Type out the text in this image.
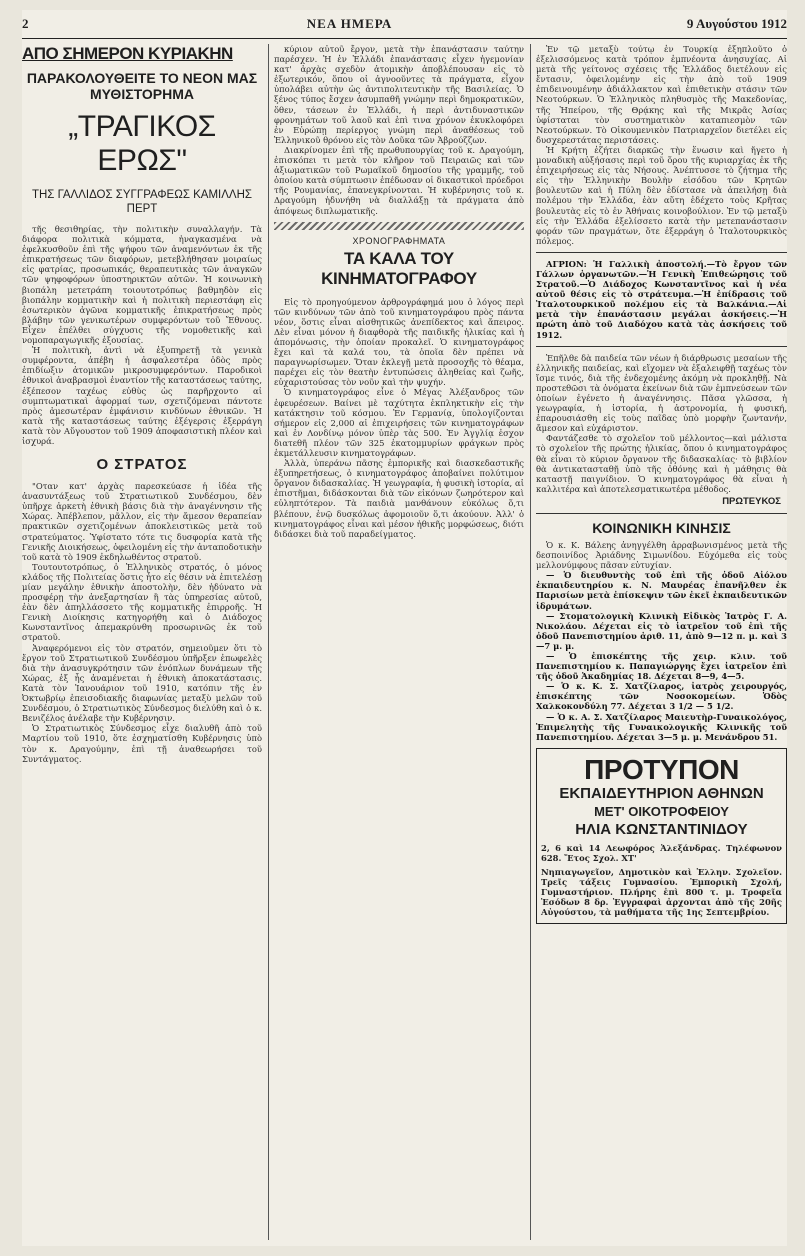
2	ΝΕΑ ΗΜΕΡΑ	9 Αυγούστου 1912
ΑΠΟ ΣΗΜΕΡΟΝ ΚΥΡΙΑΚΗΝ
ΠΑΡΑΚΟΛΟΥΘΕΙΤΕ ΤΟ ΝΕΟΝ ΜΑΣ ΜΥΘΙΣΤΟΡΗΜΑ
„ΤΡΑΓΙΚΟΣ ΕΡΩΣ"
ΤΗΣ ΓΑΛΛΙΔΟΣ ΣΥΓΓΡΑΦΕΩΣ ΚΑΜΙΛΛΗΣ ΠΕΡΤ

τῆς θεσιθηρίας, τὴν πολιτικὴν συναλλαγήν. Τὰ διάφορα πολιτικὰ κόμματα, ἠναγκασμένα νὰ ἐφελκυσθοῦν ἐπὶ τῆς ψήφου τῶν ἀναμενόντων ἐκ τῆς ἐπικρατήσεως τῶν διαφόρων, μετεβλήθησαν μοιραίως εἰς φατρίας, προσωπικάς, θεραπευτικὰς τῶν ἀναγκῶν τῶν ψηφοφόρων ὑποστηρικτῶν αὐτῶν. Ἡ κοινωνικὴ βιοπάλη μετετράπη τοιουτοτρόπως βαθμηδὸν εἰς βιοπάλην κομματικὴν καὶ ἡ πολιτικὴ περιεστάφη εἰς ἐσωτερικὸν ἀγῶνα κομματικῆς ἐπικρατήσεως πρὸς βλάβην τῶν γενικωτέρων συμφερόντων τοῦ Ἔθνους. Εἶχεν ἐπέλθει σύγχυσις τῆς νομοθετικῆς καὶ νομοπαραγωγικῆς ἐξουσίας.

Ἡ πολιτικὴ, ἀντὶ νὰ ἐξυπηρετῇ τὰ γενικὰ συμφέροντα, ἀπέβη ἡ ἀσφαλεστέρα ὁδὸς πρὸς ἐπιδίωξιν ἀτομικῶν μικροσυμφερόντων. Παροδικοὶ ἐθνικοὶ ἀναβρασμοὶ ἐναντίον τῆς καταστάσεως ταύτης, ἐξέπεσον ταχέως εὐθὺς ὡς παρῆρχοντο αἱ συμπτωματικαὶ ἀφορμαί των, σχετιζόμεναι πάντοτε πρὸς ἀμεσωτέραν ἐμφάνισιν κινδύνων ἐθνικῶν. Ἡ κατὰ τῆς καταστάσεως ταύτης ἐξέγερσις ἐξερράγη κατὰ τὸν Αὔγουστον τοῦ 1909 ἀποφασιστικὴ πλέον καὶ ἰσχυρά.

Ο ΣΤΡΑΤΟΣ

"Οταν κατ' ἀρχὰς παρεσκεύασε ἡ ἰδέα τῆς ἀνασυντάξεως τοῦ Στρατιωτικοῦ Συνδέσμου, δὲν ὑπῆρχε ἀρκετὴ ἐθνικὴ βάσις διὰ τὴν ἀναγέννησιν τῆς Χώρας. Ἀπέβλεπον, μᾶλλον, εἰς τὴν ἄμεσον θεραπείαν πρακτικῶν σχετιζομένων ἀποκλειστικῶς μετὰ τοῦ στρατεύματος. Ὑφίστατο τότε τις δυσφορία κατὰ τῆς Γενικῆς Διοικήσεως, ὀφειλομένη εἰς τὴν ἀνταποδοτικὴν τοῦ κατὰ τὸ 1909 ἐκδηλωθέντος στρατοῦ.

Τουτουτοτρόπως, ὁ Ἑλληνικὸς στρατός, ὁ μόνος κλάδος τῆς Πολιτείας ὅστις ἦτο εἰς θέσιν νὰ ἐπιτελέσῃ μίαν μεγάλην ἐθνικὴν ἀποστολὴν, δὲν ἠδύνατο νὰ προσφέρῃ τὴν ἀνεξαρτησίαν ἢ τὰς ὑπηρεσίας αὐτοῦ, ἐὰν δὲν ἀπηλλάσσετο τῆς κομματικῆς ἐπιρροῆς. Ἡ Γενικὴ Διοίκησις κατηγορήθη καὶ ὁ Διάδοχος Κωνσταντῖνος ἀπεμακρύνθη προσωρινῶς ἐκ τοῦ στρατοῦ.

Ἀναφερόμενοι εἰς τὸν στρατόν, σημειοῦμεν ὅτι τὸ ἔργον τοῦ Στρατιωτικοῦ Συνδέσμου ὑπῆρξεν ἐπωφελὲς διὰ τὴν ἀνασυγκρότησιν τῶν ἐνόπλων δυνάμεων τῆς Χώρας, ἐξ ἧς ἀναμένεται ἡ ἐθνικὴ ἀποκατάστασις. Κατὰ τὸν Ἰανουάριον τοῦ 1910, κατόπιν τῆς ἐν Ὀκτωβρίῳ ἐπεισοδιακῆς διαφωνίας μεταξὺ μελῶν τοῦ Συνδέσμου, ὁ Στρατιωτικὸς Σύνδεσμος διελύθη καὶ ὁ κ. Βενιζέλος ἀνέλαβε τὴν Κυβέρνησιν.

Ὁ Στρατιωτικὸς Σύνδεσμος εἶχε διαλυθῆ ἀπὸ τοῦ Μαρτίου τοῦ 1910, ὅτε ἐσχηματίσθη Κυβέρνησις ὑπὸ τὸν κ. Δραγούμην, ἐπὶ τῇ ἀναθεωρήσει τοῦ Συντάγματος.

κύριον αὐτοῦ ἔργον, μετὰ τὴν ἐπανάστασιν ταύτην παρέσχεν. Ἡ ἐν Ἑλλάδι ἐπανάστασις εἶχεν ἡγεμονίαν κατ' ἀρχὰς σχεδὸν ἀτομικὴν ἀποβλέπουσαν εἰς τὸ ἐξωτερικόν, ὅπου οἱ ἀγνοοῦντες τὰ πράγματα, εἶχον ὑπολάβει αὐτὴν ὡς ἀντιπολιτευτικὴν τῆς Βασιλείας. Ὁ ξένος τύπος ἔσχεν ἀσυμπαθῆ γνώμην περὶ δημοκρατικῶν, ὅθεν, τάσεων ἐν Ἑλλάδι, ἡ περὶ ἀντιδυναστικῶν φρονημάτων τοῦ λαοῦ καὶ ἐπὶ τινα χρόνον ἐκυκλοφόρει ἐν Εὐρώπῃ περίεργος γνώμη περὶ ἀναθέσεως τοῦ Ἑλληνικοῦ θρόνου εἰς τὸν Δοῦκα τῶν Ἀβρούζζων.

Διακρίνομεν ἐπὶ τῆς πρωθυπουργίας τοῦ κ. Δραγούμη, ἐπισκόπει τι μετὰ τὸν κλῆρον τοῦ Πειραιῶς καὶ τῶν ἀξιωματικῶν τοῦ Ρωμαϊκοῦ δημοσίου τῆς γραμμῆς, τοῦ ὁποίου κατὰ σύμπτωσιν ἐπέδωσαν οἱ δικαστικοὶ πρόεδροι τῆς Ρουμανίας, ἐπανεγκρίνονται. Ἡ κυβέρνησις τοῦ κ. Δραγούμη ἠδυνήθη νὰ διαλλάξῃ τὰ πράγματα ἀπὸ ἀπόψεως διπλωματικῆς.

ΧΡΟΝΟΓΡΑΦΗΜΑΤΑ
ΤΑ ΚΑΛΑ ΤΟΥ ΚΙΝΗΜΑΤΟΓΡΑΦΟΥ

Εἰς τὸ προηγούμενον ἀρθρογράφημά μου ὁ λόγος περὶ τῶν κινδύνων τῶν ἀπὸ τοῦ κινηματογράφου πρὸς πάντα νέον, ὅστις εἶναι αἰσθητικῶς ἀνεπίδεκτος καὶ ἄπειρος. Δὲν εἶναι μόνον ἡ διαφθορὰ τῆς παιδικῆς ἡλικίας καὶ ἡ ἀπομόνωσις, τὴν ὁποίαν προκαλεῖ. Ὁ κινηματογράφος ἔχει καὶ τὰ καλά του, τὰ ὁποῖα δὲν πρέπει νὰ παραγνωρίσωμεν. Ὅταν ἐκλεγῇ μετὰ προσοχῆς τὸ θέαμα, παρέχει εἰς τὸν θεατὴν ἐντυπώσεις ἀληθείας καὶ ζωῆς, εὐχαριστούσας τὸν νοῦν καὶ τὴν ψυχήν.

Ὁ κινηματογράφος εἶνε ὁ Μέγας Ἀλέξανδρος τῶν ἐφευρέσεων. Βαίνει μὲ ταχύτητα ἐκπληκτικὴν εἰς τὴν κατάκτησιν τοῦ κόσμου. Ἐν Γερμανίᾳ, ὑπολογίζονται σήμερον εἰς 2,000 αἱ ἐπιχειρήσεις τῶν κινηματογράφων καὶ ἐν Λονδίνῳ μόνον ὑπὲρ τὰς 500. Ἐν Ἀγγλίᾳ ἐσχον διατεθῆ πλέον τῶν 325 ἐκατομμυρίων φράγκων πρὸς ἐκμετάλλευσιν κινηματογράφων.

Ἀλλὰ, ὑπεράνω πᾶσης ἐμπορικῆς καὶ διασκεδαστικῆς ἐξυπηρετήσεως, ὁ κινηματογράφος ἀποβαίνει πολύτιμον ὄργανον διδασκαλίας. Ἡ γεωγραφία, ἡ φυσικὴ ἱστορία, αἱ ἐπιστῆμαι, διδάσκονται διὰ τῶν εἰκόνων ζωηρότερον καὶ εὐληπτότερον. Τὰ παιδιὰ μανθάνουν εὐκόλως ὅ,τι βλέπουν, ἐνῷ δυσκόλως ἀφομοιοῦν ὅ,τι ἀκούουν. Ἀλλ' ὁ κινηματογράφος εἶναι καὶ μέσον ἠθικῆς μορφώσεως, διότι διδάσκει διὰ τοῦ παραδείγματος.

Ἐν τῷ μεταξὺ τούτῳ ἐν Τουρκίᾳ ἐξηπλοῦτο ὁ ἐξελισσόμενος κατὰ τρόπον ἐμπνέοντα ἀνησυχίας. Αἱ μετὰ τῆς γείτονος σχέσεις τῆς Ἑλλάδος διετέλουν εἰς ἔντασιν, ὀφειλομένην εἰς τὴν ἀπὸ τοῦ 1909 ἐπιδεινουμένην ἀδιάλλακτον καὶ ἐπιθετικὴν στάσιν τῶν Νεοτούρκων. Ὁ Ἑλληνικὸς πληθυσμὸς τῆς Μακεδονίας, τῆς Ἠπείρου, τῆς Θρᾴκης καὶ τῆς Μικρᾶς Ἀσίας ὑφίσταται τὸν συστηματικὸν καταπιεσμὸν τῶν Νεοτούρκων. Τὸ Οἰκουμενικὸν Πατριαρχεῖον διετέλει εἰς δυσχερεστάτας περιστάσεις.

Ἡ Κρήτη ἐζήτει διαρκῶς τὴν ἕνωσιν καὶ ἤγετο ἡ μοναδικὴ αὐξήσασις περὶ τοῦ ὅρου τῆς κυριαρχίας ἐκ τῆς ἐπιχειρήσεως εἰς τὰς Νήσους. Ἀνέπτυσσε τὸ ζήτημα τῆς εἰς τὴν Ἑλληνικὴν Βουλὴν εἰσόδου τῶν Κρητῶν βουλευτῶν καὶ ἡ Πύλη δὲν ἐδίστασε νὰ ἀπειλήσῃ διὰ πολέμου τὴν Ἑλλάδα, ἐὰν αὕτη ἐδέχετο τοὺς Κρῆτας βουλευτὰς εἰς τὸ ἐν Ἀθήναις κοινοβούλιον. Ἐν τῷ μεταξὺ εἰς τὴν Ἑλλάδα ἐξελίσσετο κατὰ τὴν μετεπανάστασιν φοράν τῶν πραγμάτων, ὅτε ἐξερράγη ὁ Ἰταλοτουρκικὸς πόλεμος.

ΑΓΡΙΟΝ: Ἡ Γαλλικὴ ἀποστολή.—Τὸ ἔργον τῶν Γάλλων ὀργανωτῶν.—Ἡ Γενικὴ Ἐπιθεώρησις τοῦ Στρατοῦ.—Ὁ Διάδοχος Κωνσταντῖνος καὶ ἡ νέα αὐτοῦ θέσις εἰς τὸ στράτευμα.—Ἡ ἐπίδρασις τοῦ Ἰταλοτουρκικοῦ πολέμου εἰς τὰ Βαλκάνια.—Αἱ μετὰ τὴν ἐπανάστασιν μεγάλαι ἀσκήσεις.—Ἡ πρώτη ἀπὸ τοῦ Διαδόχου κατὰ τὰς ἀσκήσεις τοῦ 1912.

Ἐπῆλθε δὰ παιδεία τῶν νέων ἡ διάρθρωσις μεσαίων τῆς ἑλληνικῆς παιδείας, καὶ εἴχομεν νὰ ἐξαλειφθῇ ταχέως τὸν ἴσμε τινός, διὰ τῆς ἐνδεχομένης ἀκόμη νὰ προκληθῇ. Νὰ προστεθῶσι τὰ ὀνόματα ἐκείνων διὰ τῶν ἐμπνεύσεων τῶν ὁποίων ἐγένετο ἡ ἀναγέννησις. Πᾶσα γλῶσσα, ἡ γεωγραφία, ἡ ἱστορία, ἡ ἀστρονομία, ἡ φυσική, ἐπαρουσιάσθη εἰς τοὺς παῖδας ὑπὸ μορφὴν ζωντανήν, ἄμεσον καὶ εὐχάριστον.

Φαντάζεσθε τὸ σχολεῖον τοῦ μέλλοντος—καὶ μάλιστα τὸ σχολεῖον τῆς πρώτης ἡλικίας, ὅπου ὁ κινηματογράφος θὰ εἶναι τὸ κύριον ὄργανον τῆς διδασκαλίας· τὸ βιβλίον θὰ ἀντικατασταθῇ ὑπὸ τῆς ὀθόνης καὶ ἡ μάθησις θὰ καταστῇ παιγνίδιον. Ὁ κινηματογράφος θὰ εἶναι ἡ καλλιτέρα καὶ ἀποτελεσματικωτέρα μέθοδος.

ΠΡΩΤΕΥΚΟΣ
ΚΟΙΝΩΝΙΚΗ ΚΙΝΗΣΙΣ

Ὁ κ. Κ. Βάλεης ἀνηγγέλθη ἀρραβωνισμένος μετὰ τῆς δεσποινίδος Ἀριάδνης Σιμωνίδου. Εὐχόμεθα εἰς τοὺς μελλονύμφους πᾶσαν εὐτυχίαν.

— Ὁ διευθυντὴς τοῦ ἐπὶ τῆς ὁδοῦ Αἰόλου ἐκπαιδευτηρίου κ. Ν. Μαυρέας ἐπανῆλθεν ἐκ Παρισίων μετὰ ἐπίσκεψιν τῶν ἐκεῖ ἐκπαιδευτικῶν ἱδρυμάτων.

— Στοματολογικὴ Κλινικὴ Εἰδικὸς Ἰατρὸς Γ. Α. Νικολάου. Δέχεται εἰς τὸ ἰατρεῖον τοῦ ἐπὶ τῆς ὁδοῦ Πανεπιστημίου ἀριθ. 11, ἀπὸ 9—12 π. μ. καὶ 3—7 μ. μ.

— Ὁ ἐπισκέπτης τῆς χειρ. κλιν. τοῦ Πανεπιστημίου κ. Παπαγιώργης ἔχει ἰατρεῖον ἐπὶ τῆς ὁδοῦ Ἀκαδημίας 18. Δέχεται 8—9, 4—5.

— Ὁ κ. Κ. Σ. Χατζίλαρος, ἰατρὸς χειρουργός, ἐπισκέπτης τῶν Νοσοκομείων. Ὁδὸς Χαλκοκονδύλη 77. Δέχεται 3 1/2 — 5 1/2.

— Ὁ κ. Α. Σ. Χατζίλαρος Μαιευτὴρ-Γυναικολόγος, Ἐπιμελητὴς τῆς Γυναικολογικῆς Κλινικῆς τοῦ Πανεπιστημίου. Δέχεται 3—5 μ. μ. Μενάνδρου 51.

ΠΡΟΤΥΠΟΝ
ΕΚΠΑΙΔΕΥΤΗΡΙΟΝ ΑΘΗΝΩΝ
ΜΕΤ' ΟΙΚΟΤΡΟΦΕΙΟΥ
ΗΛΙΑ ΚΩΝΣΤΑΝΤΙΝΙΔΟΥ
2, 6 καὶ 14 Λεωφόρος Ἀλεξάνδρας. Τηλέφωνον 628. Ἔτος Σχολ. ΧΤ'
Νηπιαγωγεῖον, Δημοτικὸν καὶ Ἑλλην. Σχολεῖον. Τρεῖς τάξεις Γυμνασίου. Ἐμπορικὴ Σχολή, Γυμναστήριον. Πλήρης ἐπὶ 800 τ. μ. Τροφεῖα Ἐσόδων 8 δρ. Ἐγγραφαὶ ἀρχονται ἀπὸ τῆς 20ῆς Αὐγούστου, τὰ μαθήματα τῆς 1ης Σεπτεμβρίου.
